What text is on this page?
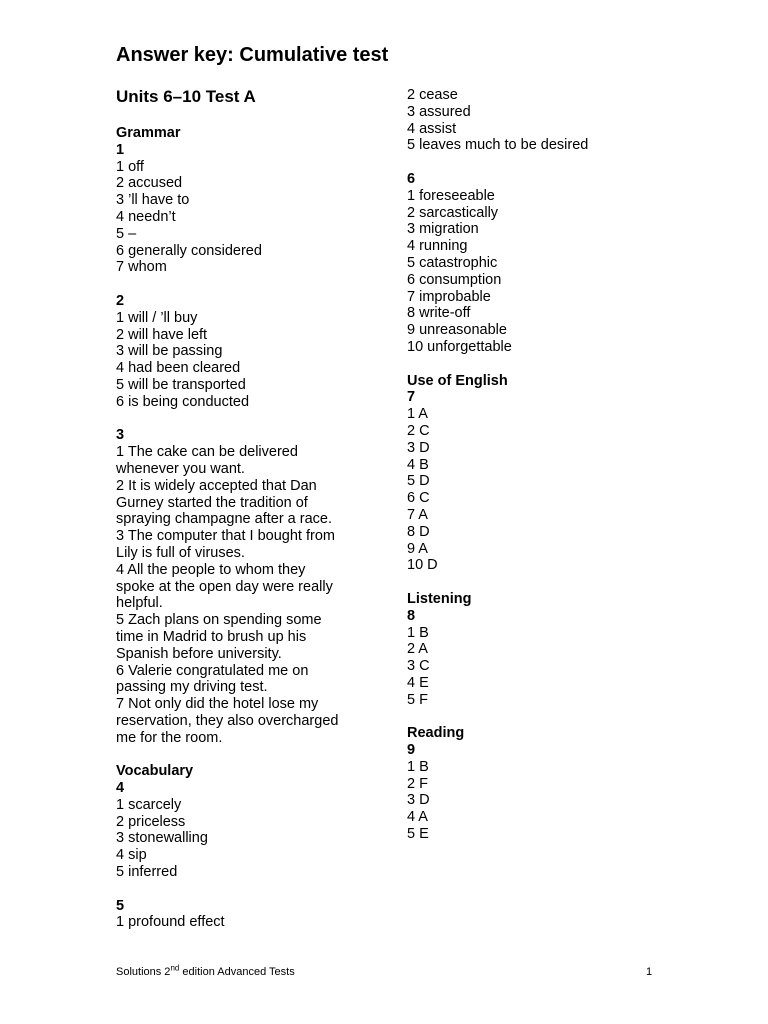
Answer key: Cumulative test
Units 6–10 Test A
Grammar
1
1 off
2 accused
3 ’ll have to
4 needn’t
5 –
6 generally considered
7 whom
2
1 will / ’ll buy
2 will have left
3 will be passing
4 had been cleared
5 will be transported
6 is being conducted
3
1 The cake can be delivered
whenever you want.
2 It is widely accepted that Dan
Gurney started the tradition of
spraying champagne after a race.
3 The computer that I bought from
Lily is full of viruses.
4 All the people to whom they
spoke at the open day were really
helpful.
5 Zach plans on spending some
time in Madrid to brush up his
Spanish before university.
6 Valerie congratulated me on
passing my driving test.
7 Not only did the hotel lose my
reservation, they also overcharged
me for the room.
Vocabulary
4
1 scarcely
2 priceless
3 stonewalling
4 sip
5 inferred
5
1 profound effect
2 cease
3 assured
4 assist
5 leaves much to be desired
6
1 foreseeable
2 sarcastically
3 migration
4 running
5 catastrophic
6 consumption
7 improbable
8 write-off
9 unreasonable
10 unforgettable
Use of English
7
1 A
2 C
3 D
4 B
5 D
6 C
7 A
8 D
9 A
10 D
Listening
8
1 B
2 A
3 C
4 E
5 F
Reading
9
1 B
2 F
3 D
4 A
5 E
Solutions 2nd edition Advanced Tests	1
